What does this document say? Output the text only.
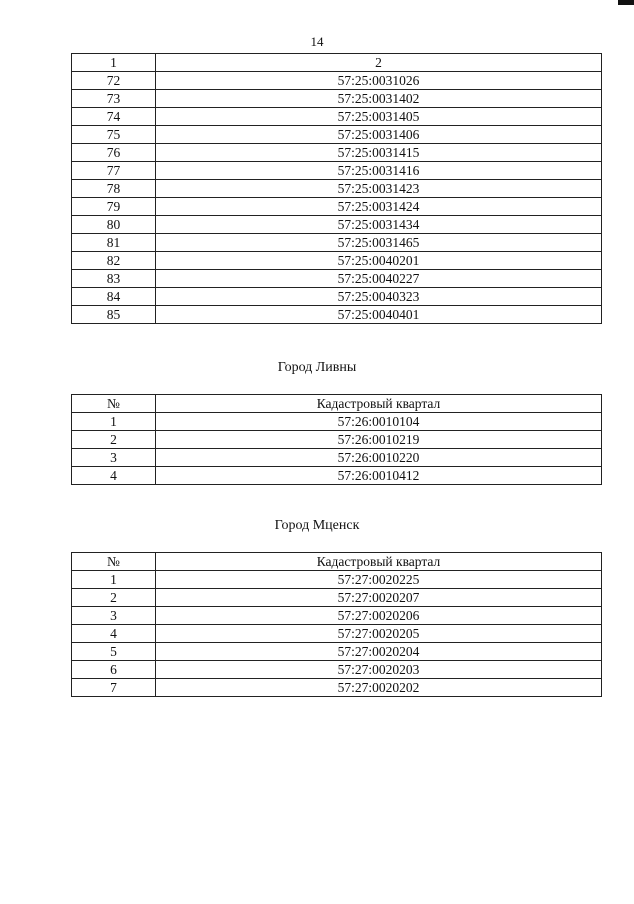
14
1	2
72	57:25:0031026
73	57:25:0031402
74	57:25:0031405
75	57:25:0031406
76	57:25:0031415
77	57:25:0031416
78	57:25:0031423
79	57:25:0031424
80	57:25:0031434
81	57:25:0031465
82	57:25:0040201
83	57:25:0040227
84	57:25:0040323
85	57:25:0040401
Город Ливны
№	Кадастровый квартал
1	57:26:0010104
2	57:26:0010219
3	57:26:0010220
4	57:26:0010412
Город Мценск
№	Кадастровый квартал
1	57:27:0020225
2	57:27:0020207
3	57:27:0020206
4	57:27:0020205
5	57:27:0020204
6	57:27:0020203
7	57:27:0020202
